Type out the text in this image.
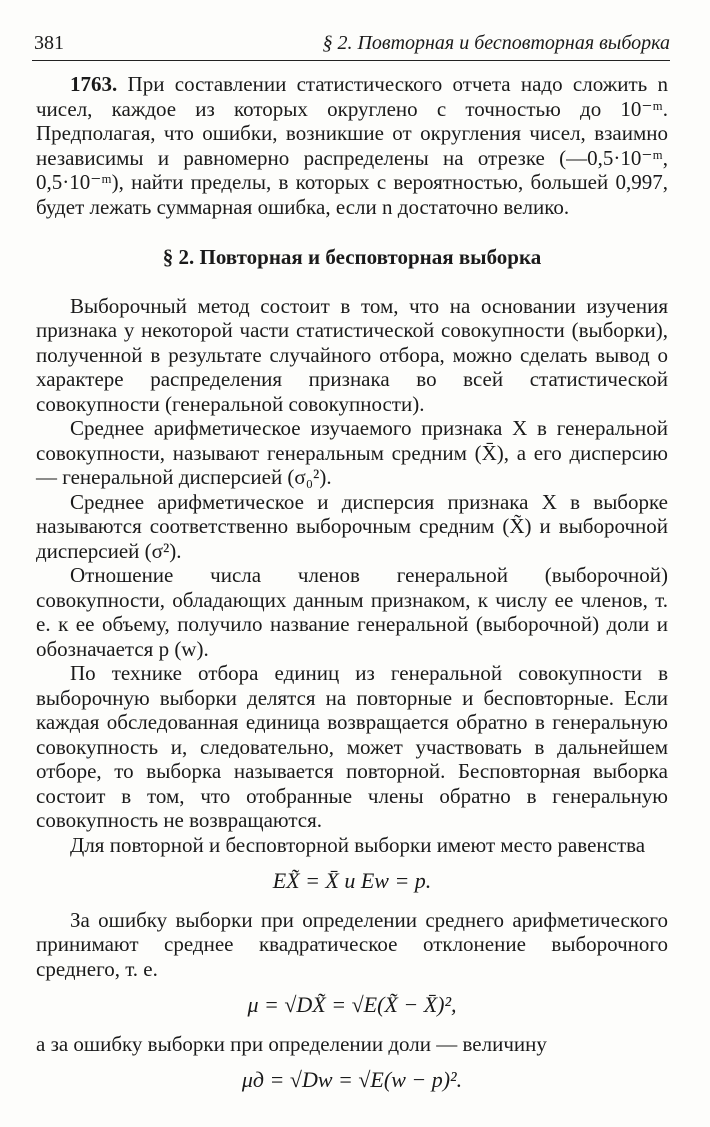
381	§ 2. Повторная и бесповторная выборка

1763. При составлении статистического отчета надо сложить n чисел, каждое из которых округлено с точностью до 10⁻ᵐ. Предполагая, что ошибки, возникшие от округления чисел, взаимно независимы и равномерно распределены на отрезке (—0,5·10⁻ᵐ, 0,5·10⁻ᵐ), найти пределы, в которых с вероятностью, большей 0,997, будет лежать суммарная ошибка, если n достаточно велико.

§ 2. Повторная и бесповторная выборка

Выборочный метод состоит в том, что на основании изучения признака у некоторой части статистической совокупности (выборки), полученной в результате случайного отбора, можно сделать вывод о характере распределения признака во всей статистической совокупности (генеральной совокупности).

Среднее арифметическое изучаемого признака X в генеральной совокупности, называют генеральным средним (X̄), а его дисперсию — генеральной дисперсией (σ₀²).

Среднее арифметическое и дисперсия признака X в выборке называются соответственно выборочным средним (X̃) и выборочной дисперсией (σ²).

Отношение числа членов генеральной (выборочной) совокупности, обладающих данным признаком, к числу ее членов, т. е. к ее объему, получило название генеральной (выборочной) доли и обозначается p (w).

По технике отбора единиц из генеральной совокупности в выборочную выборки делятся на повторные и бесповторные. Если каждая обследованная единица возвращается обратно в генеральную совокупность и, следовательно, может участвовать в дальнейшем отборе, то выборка называется повторной. Бесповторная выборка состоит в том, что отобранные члены обратно в генеральную совокупность не возвращаются.

Для повторной и бесповторной выборки имеют место равенства

EX̃ = X̄ и Ew = p.

За ошибку выборки при определении среднего арифметического принимают среднее квадратическое отклонение выборочного среднего, т. е.

μ = √DX̃ = √E(X̃ − X̄)²,

а за ошибку выборки при определении доли — величину

μд = √Dw = √E(w − p)².
